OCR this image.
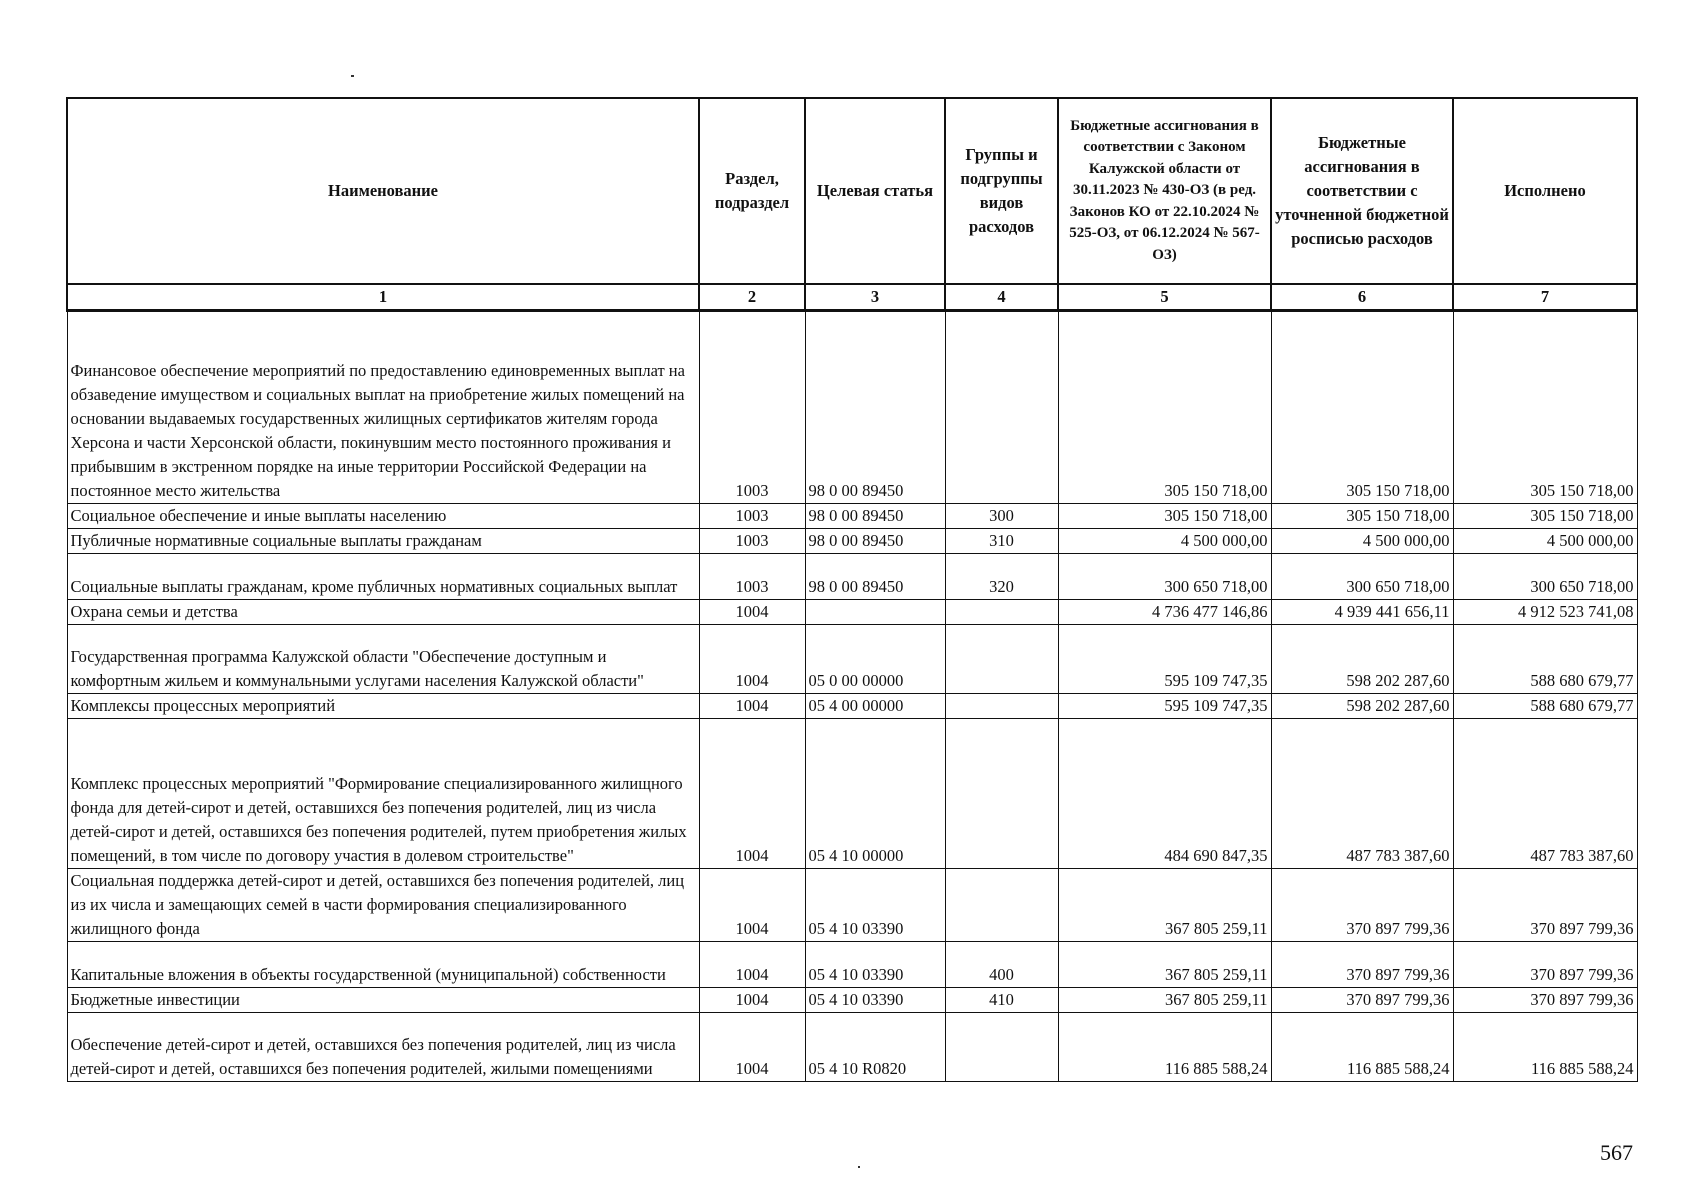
Наименование	Раздел, подраздел	Целевая статья	Группы и подгруппы видов расходов	Бюджетные ассигнования в соответствии с Законом Калужской области от 30.11.2023 № 430-ОЗ (в ред. Законов КО от 22.10.2024 № 525-ОЗ, от 06.12.2024 № 567-ОЗ)	Бюджетные ассигнования в соответствии с уточненной бюджетной росписью расходов	Исполнено
1	2	3	4	5	6	7
Финансовое обеспечение мероприятий по предоставлению единовременных выплат на обзаведение имуществом и социальных выплат на приобретение жилых помещений на основании выдаваемых государственных жилищных сертификатов жителям города Херсона и части Херсонской области, покинувшим место постоянного проживания и прибывшим в экстренном порядке на иные территории Российской Федерации на постоянное место жительства	1003	98 0 00 89450		305 150 718,00	305 150 718,00	305 150 718,00
Социальное обеспечение и иные выплаты населению	1003	98 0 00 89450	300	305 150 718,00	305 150 718,00	305 150 718,00
Публичные нормативные социальные выплаты гражданам	1003	98 0 00 89450	310	4 500 000,00	4 500 000,00	4 500 000,00
Социальные выплаты гражданам, кроме публичных нормативных социальных выплат	1003	98 0 00 89450	320	300 650 718,00	300 650 718,00	300 650 718,00
Охрана семьи и детства	1004			4 736 477 146,86	4 939 441 656,11	4 912 523 741,08
Государственная программа Калужской области "Обеспечение доступным и комфортным жильем и коммунальными услугами населения Калужской области"	1004	05 0 00 00000		595 109 747,35	598 202 287,60	588 680 679,77
Комплексы процессных мероприятий	1004	05 4 00 00000		595 109 747,35	598 202 287,60	588 680 679,77
Комплекс процессных мероприятий "Формирование специализированного жилищного фонда для детей-сирот и детей, оставшихся без попечения родителей, лиц из числа детей-сирот и детей, оставшихся без попечения родителей, путем приобретения жилых помещений, в том числе по договору участия в долевом строительстве"	1004	05 4 10 00000		484 690 847,35	487 783 387,60	487 783 387,60
Социальная поддержка детей-сирот и детей, оставшихся без попечения родителей, лиц из их числа и замещающих семей в части формирования специализированного жилищного фонда	1004	05 4 10 03390		367 805 259,11	370 897 799,36	370 897 799,36
Капитальные вложения в объекты государственной (муниципальной) собственности	1004	05 4 10 03390	400	367 805 259,11	370 897 799,36	370 897 799,36
Бюджетные инвестиции	1004	05 4 10 03390	410	367 805 259,11	370 897 799,36	370 897 799,36
Обеспечение детей-сирот и детей, оставшихся без попечения родителей, лиц из числа детей-сирот и детей, оставшихся без попечения родителей, жилыми помещениями	1004	05 4 10 R0820		116 885 588,24	116 885 588,24	116 885 588,24
567
